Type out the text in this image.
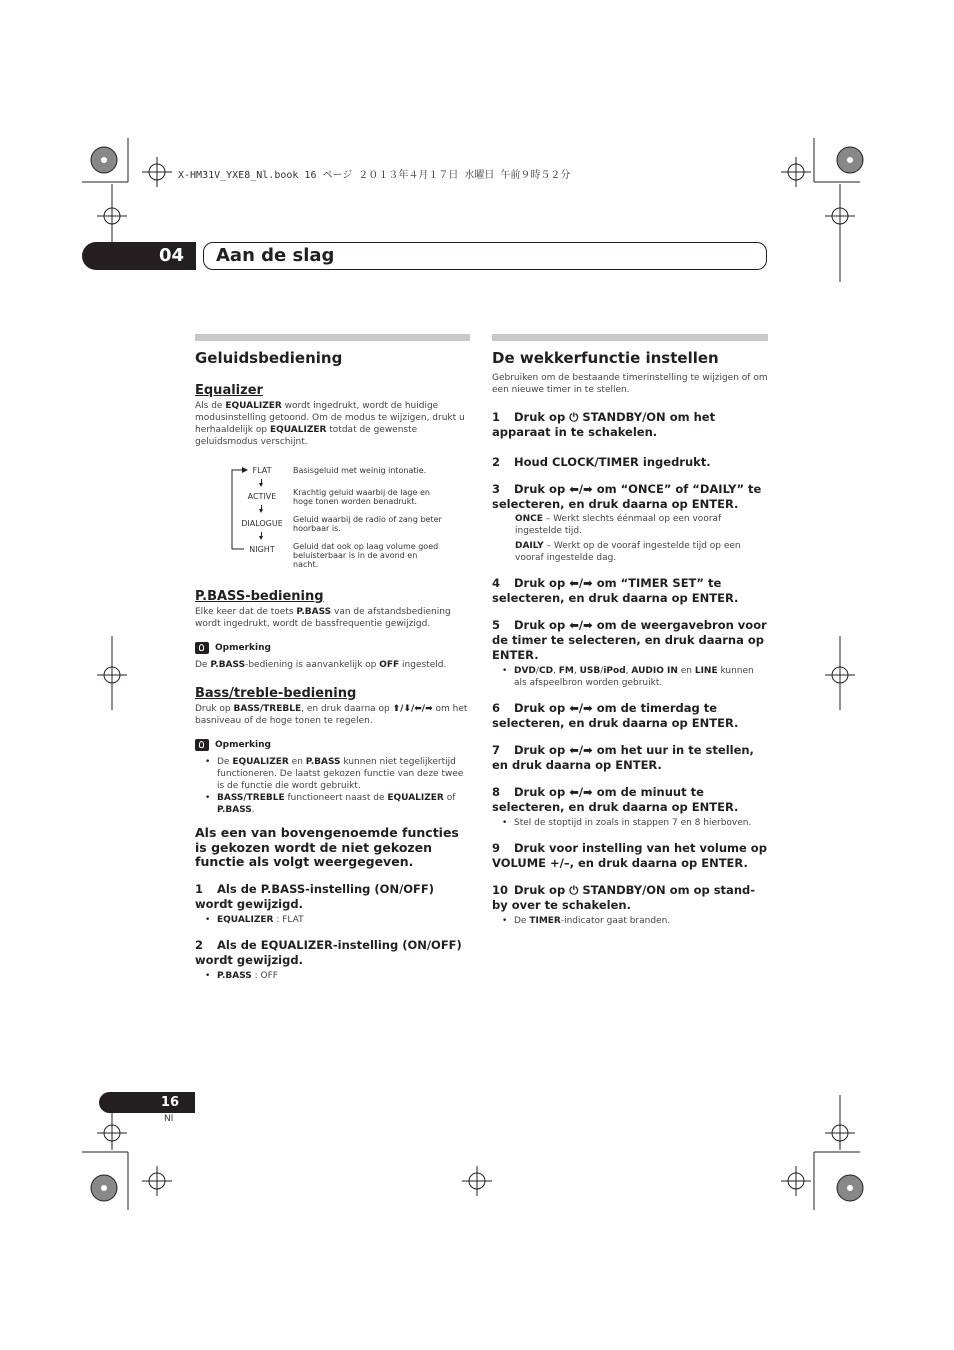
X-HM31V_YXE8_Nl.book 16 ページ ２０１３年４月１７日 水曜日 午前９時５２分
04	Aan de slag
Geluidsbediening
Equalizer

Als de EQUALIZER wordt ingedrukt, wordt de huidige modusinstelling getoond. Om de modus te wijzigen, drukt u herhaaldelijk op EQUALIZER totdat de gewenste geluidsmodus verschijnt.

FLAT	Basisgeluid met weinig intonatie.
ACTIVE	Krachtig geluid waarbij de lage en hoge tonen worden benadrukt.
DIALOGUE	Geluid waarbij de radio of zang beter hoorbaar is.
NIGHT	Geluid dat ook op laag volume goed beluisterbaar is in de avond en nacht.
P.BASS-bediening

Elke keer dat de toets P.BASS van de afstandsbediening wordt ingedrukt, wordt de bassfrequentie gewijzigd.

Opmerking

De P.BASS-bediening is aanvankelijk op OFF ingesteld.

Bass/treble-bediening

Druk op BASS/TREBLE, en druk daarna op ⬆/⬇/⬅/➡ om het basniveau of de hoge tonen te regelen.

Opmerking
• De EQUALIZER en P.BASS kunnen niet tegelijkertijd functioneren. De laatst gekozen functie van deze twee is de functie die wordt gebruikt.
• BASS/TREBLE functioneert naast de EQUALIZER of P.BASS.
Als een van bovengenoemde functies is gekozen wordt de niet gekozen functie als volgt weergegeven.
1 Als de P.BASS-instelling (ON/OFF) wordt gewijzigd.
• EQUALIZER : FLAT
2 Als de EQUALIZER-instelling (ON/OFF) wordt gewijzigd.
• P.BASS : OFF
De wekkerfunctie instellen

Gebruiken om de bestaande timerinstelling te wijzigen of om een nieuwe timer in te stellen.

1 Druk op ⏻ STANDBY/ON om het apparaat in te schakelen.
2 Houd CLOCK/TIMER ingedrukt.
3 Druk op ⬅/➡ om “ONCE” of “DAILY” te selecteren, en druk daarna op ENTER.
ONCE – Werkt slechts éénmaal op een vooraf ingestelde tijd.
DAILY – Werkt op de vooraf ingestelde tijd op een vooraf ingestelde dag.
4 Druk op ⬅/➡ om “TIMER SET” te selecteren, en druk daarna op ENTER.
5 Druk op ⬅/➡ om de weergavebron voor de timer te selecteren, en druk daarna op ENTER.
• DVD/CD, FM, USB/iPod, AUDIO IN en LINE kunnen als afspeelbron worden gebruikt.
6 Druk op ⬅/➡ om de timerdag te selecteren, en druk daarna op ENTER.
7 Druk op ⬅/➡ om het uur in te stellen, en druk daarna op ENTER.
8 Druk op ⬅/➡ om de minuut te selecteren, en druk daarna op ENTER.
• Stel de stoptijd in zoals in stappen 7 en 8 hierboven.
9 Druk voor instelling van het volume op VOLUME +/–, en druk daarna op ENTER.
10 Druk op ⏻ STANDBY/ON om op stand-by over te schakelen.
• De TIMER-indicator gaat branden.
16
Nl
